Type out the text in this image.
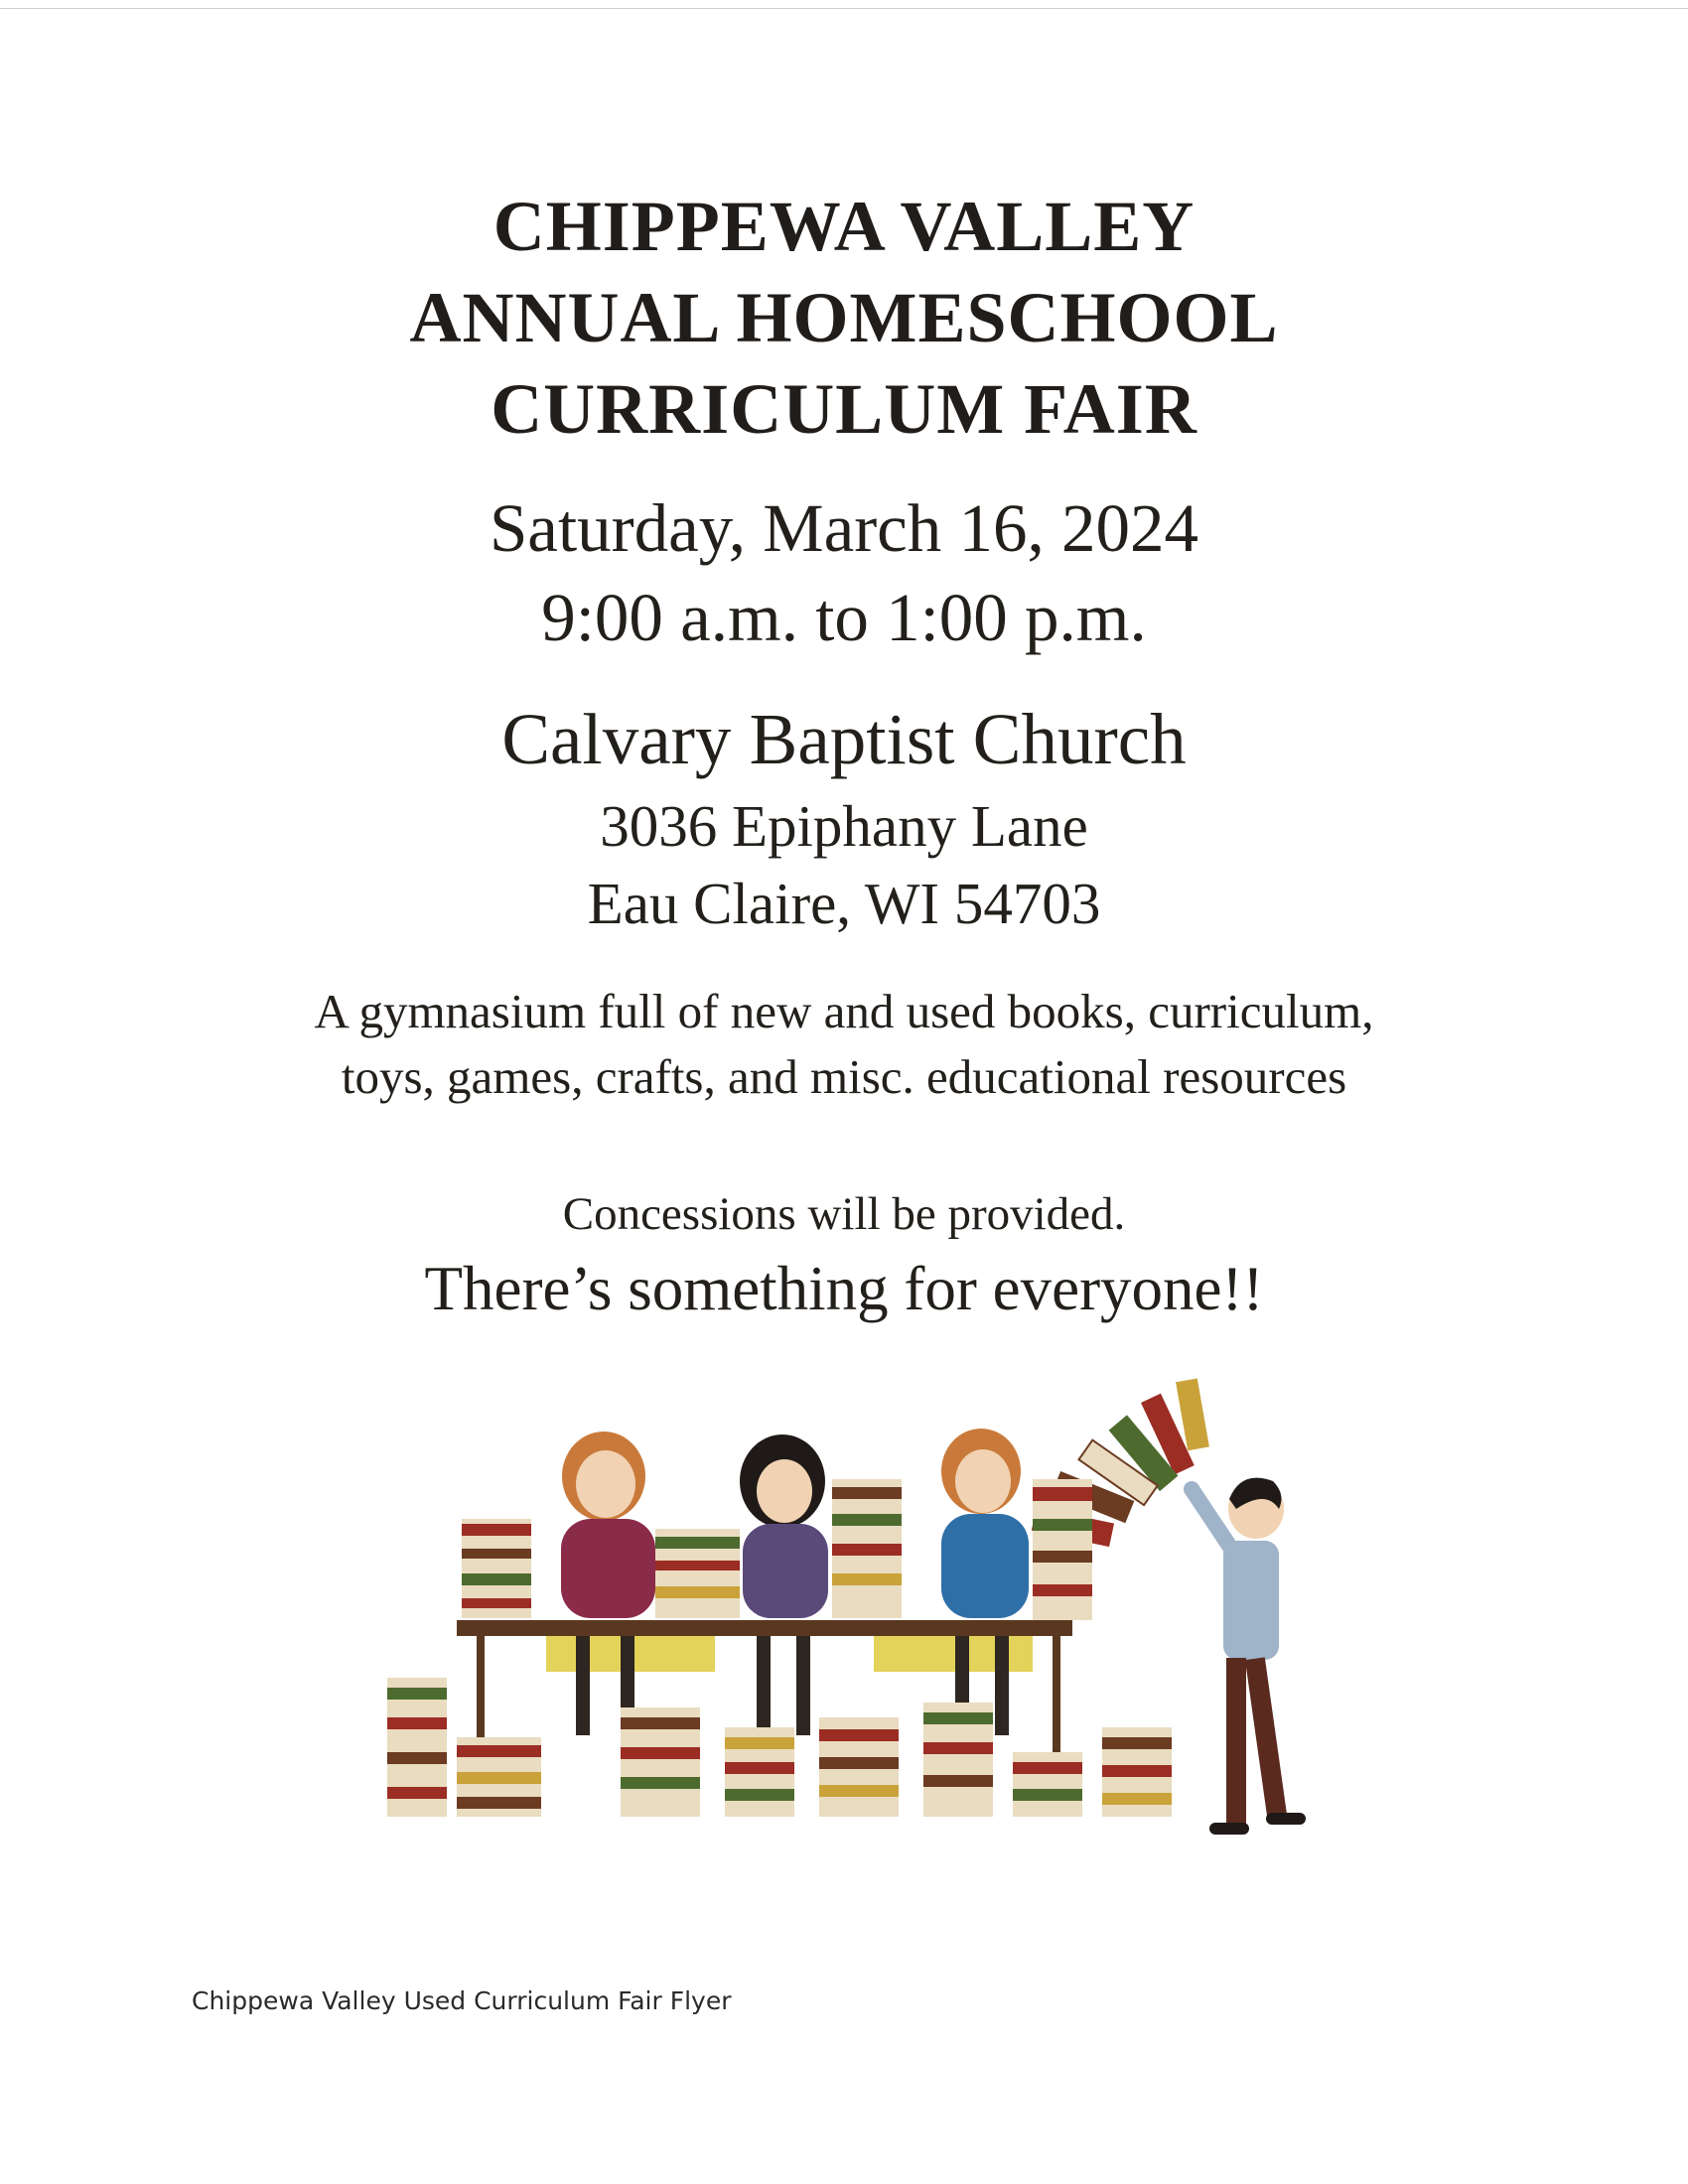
CHIPPEWA VALLEY
ANNUAL HOMESCHOOL
CURRICULUM FAIR
Saturday, March 16, 2024
9:00 a.m. to 1:00 p.m.
Calvary Baptist Church
3036 Epiphany Lane
Eau Claire, WI 54703
A gymnasium full of new and used books, curriculum,
toys, games, crafts, and misc. educational resources
Concessions will be provided.
There’s something for everyone!!
Chippewa Valley Used Curriculum Fair Flyer
